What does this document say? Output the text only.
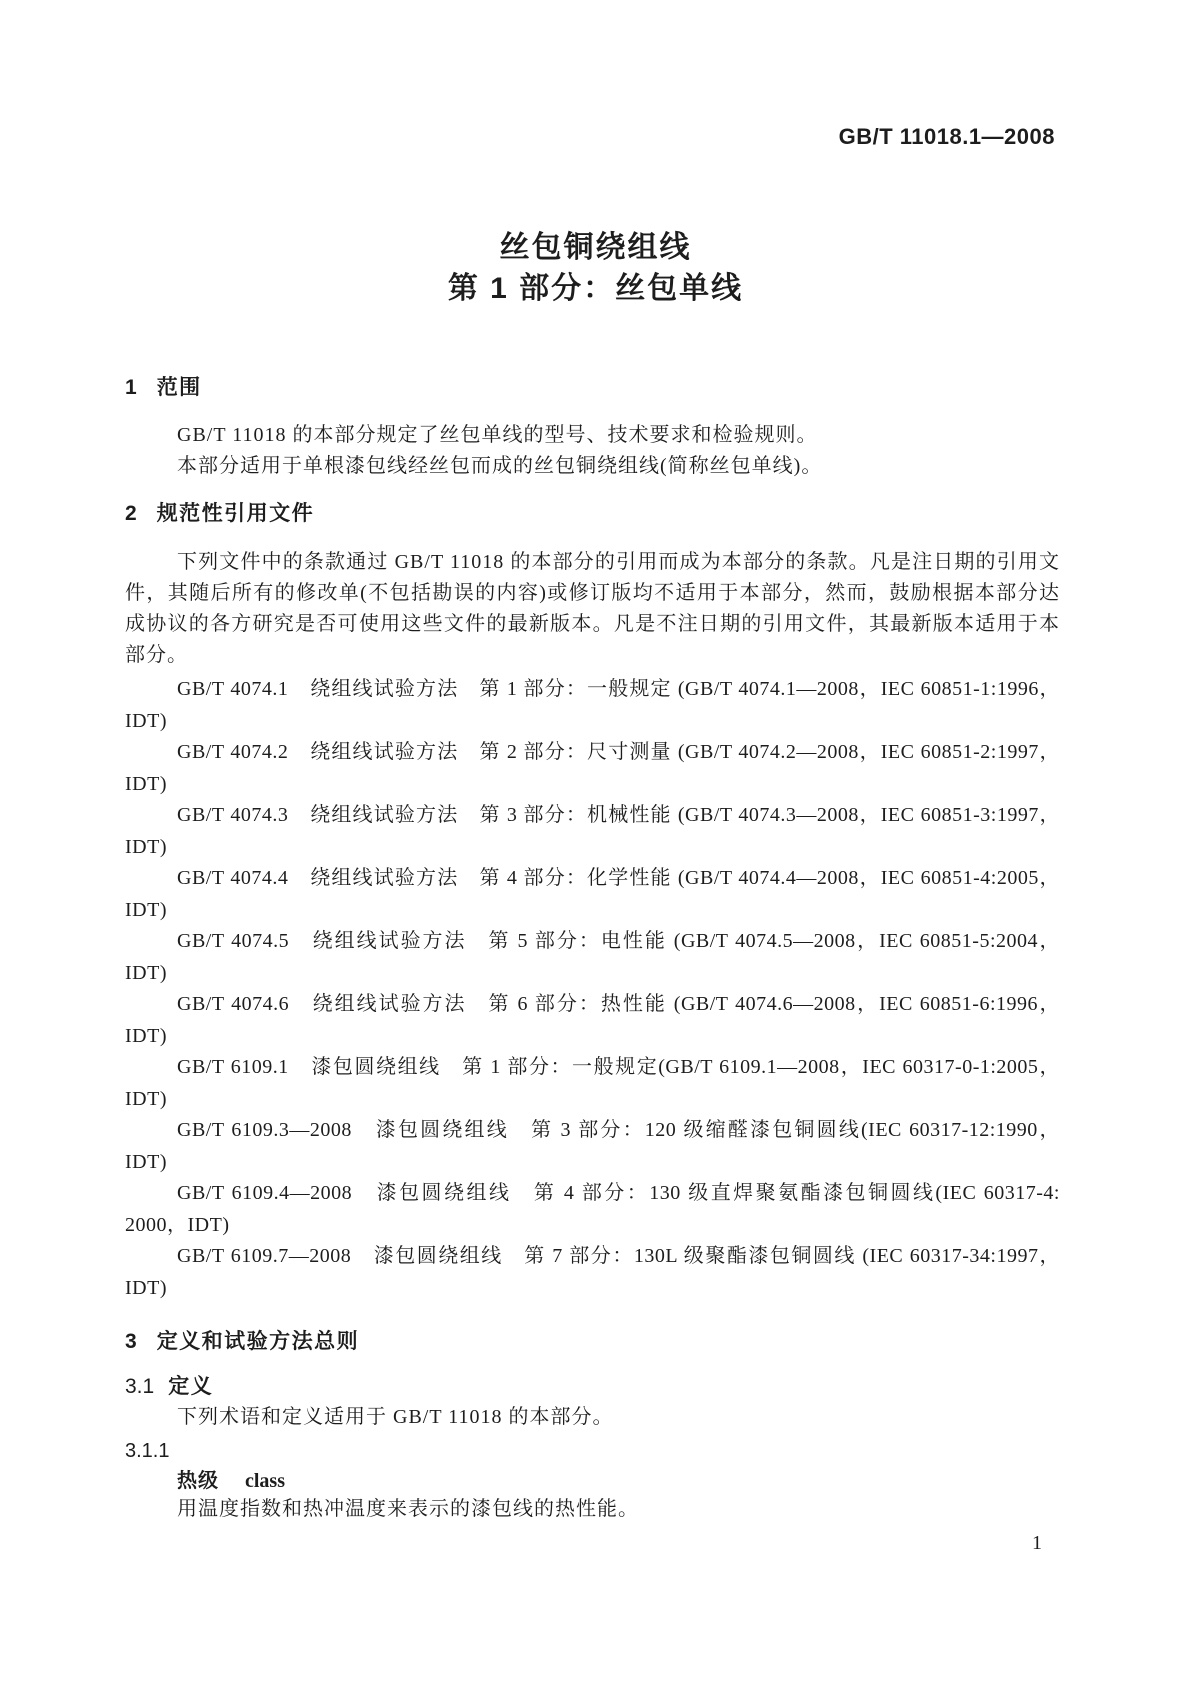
GB/T 11018.1—2008
丝包铜绕组线
第 1 部分：丝包单线
1 范围
GB/T 11018 的本部分规定了丝包单线的型号、技术要求和检验规则。
本部分适用于单根漆包线经丝包而成的丝包铜绕组线(简称丝包单线)。
2 规范性引用文件
下列文件中的条款通过 GB/T 11018 的本部分的引用而成为本部分的条款。凡是注日期的引用文件，其随后所有的修改单(不包括勘误的内容)或修订版均不适用于本部分，然而，鼓励根据本部分达成协议的各方研究是否可使用这些文件的最新版本。凡是不注日期的引用文件，其最新版本适用于本部分。
GB/T 4074.1　绕组线试验方法　第 1 部分：一般规定 (GB/T 4074.1—2008，IEC 60851-1:1996，
IDT)
GB/T 4074.2　绕组线试验方法　第 2 部分：尺寸测量 (GB/T 4074.2—2008，IEC 60851-2:1997，
IDT)
GB/T 4074.3　绕组线试验方法　第 3 部分：机械性能 (GB/T 4074.3—2008，IEC 60851-3:1997，
IDT)
GB/T 4074.4　绕组线试验方法　第 4 部分：化学性能 (GB/T 4074.4—2008，IEC 60851-4:2005，
IDT)
GB/T 4074.5　绕组线试验方法　第 5 部分：电性能 (GB/T 4074.5—2008，IEC 60851-5:2004，
IDT)
GB/T 4074.6　绕组线试验方法　第 6 部分：热性能 (GB/T 4074.6—2008，IEC 60851-6:1996，
IDT)
GB/T 6109.1　漆包圆绕组线　第 1 部分：一般规定(GB/T 6109.1—2008，IEC 60317-0-1:2005，
IDT)
GB/T 6109.3—2008　漆包圆绕组线　第 3 部分：120 级缩醛漆包铜圆线(IEC 60317-12:1990，
IDT)
GB/T 6109.4—2008　漆包圆绕组线　第 4 部分：130 级直焊聚氨酯漆包铜圆线(IEC 60317-4:
2000，IDT)
GB/T 6109.7—2008　漆包圆绕组线　第 7 部分：130L 级聚酯漆包铜圆线 (IEC 60317-34:1997，
IDT)
3 定义和试验方法总则
3.1 定义
下列术语和定义适用于 GB/T 11018 的本部分。
3.1.1
热级 class
用温度指数和热冲温度来表示的漆包线的热性能。
1
